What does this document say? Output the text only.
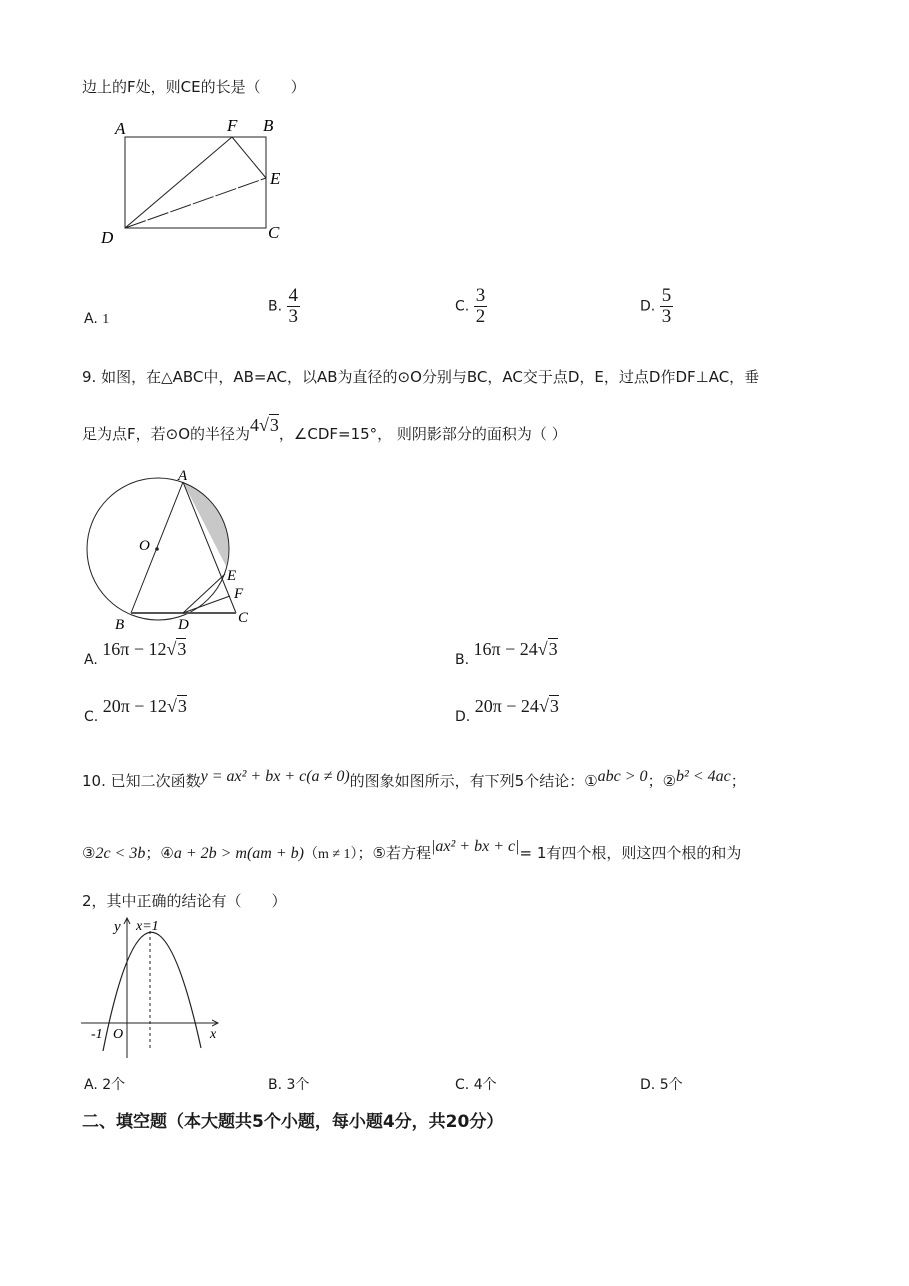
边上的F处，则CE的长是（　　）
A	F B
E
D	C
A. 1
B. $\frac{4}{3}$	C. $\frac{3}{2}$	D. $\frac{5}{3}$
9. 如图，在△ABC中，AB=AC，以AB为直径的⊙O分别与BC，AC交于点D，E，过点D作DF⊥AC，垂
足为点F，若⊙O的半径为4√3，∠CDF=15°， 则阴影部分的面积为（ ）
A
O
E
F
B	D	C
A. 16π − 12√3
B. 16π − 24√3
C. 20π − 12√3
D. 20π − 24√3
10. 已知二次函数y = ax² + bx + c(a ≠ 0)的图象如图所示，有下列5个结论：①abc > 0；②b² < 4ac；
③2c < 3b；④a + 2b > m(am + b)（m ≠ 1）；⑤若方程|ax² + bx + c|= 1有四个根，则这四个根的和为
2，其中正确的结论有（　　）
y x=1
-1 O	x
A. 2个	B. 3个	C. 4个	D. 5个
二、填空题（本大题共5个小题，每小题4分，共20分）
